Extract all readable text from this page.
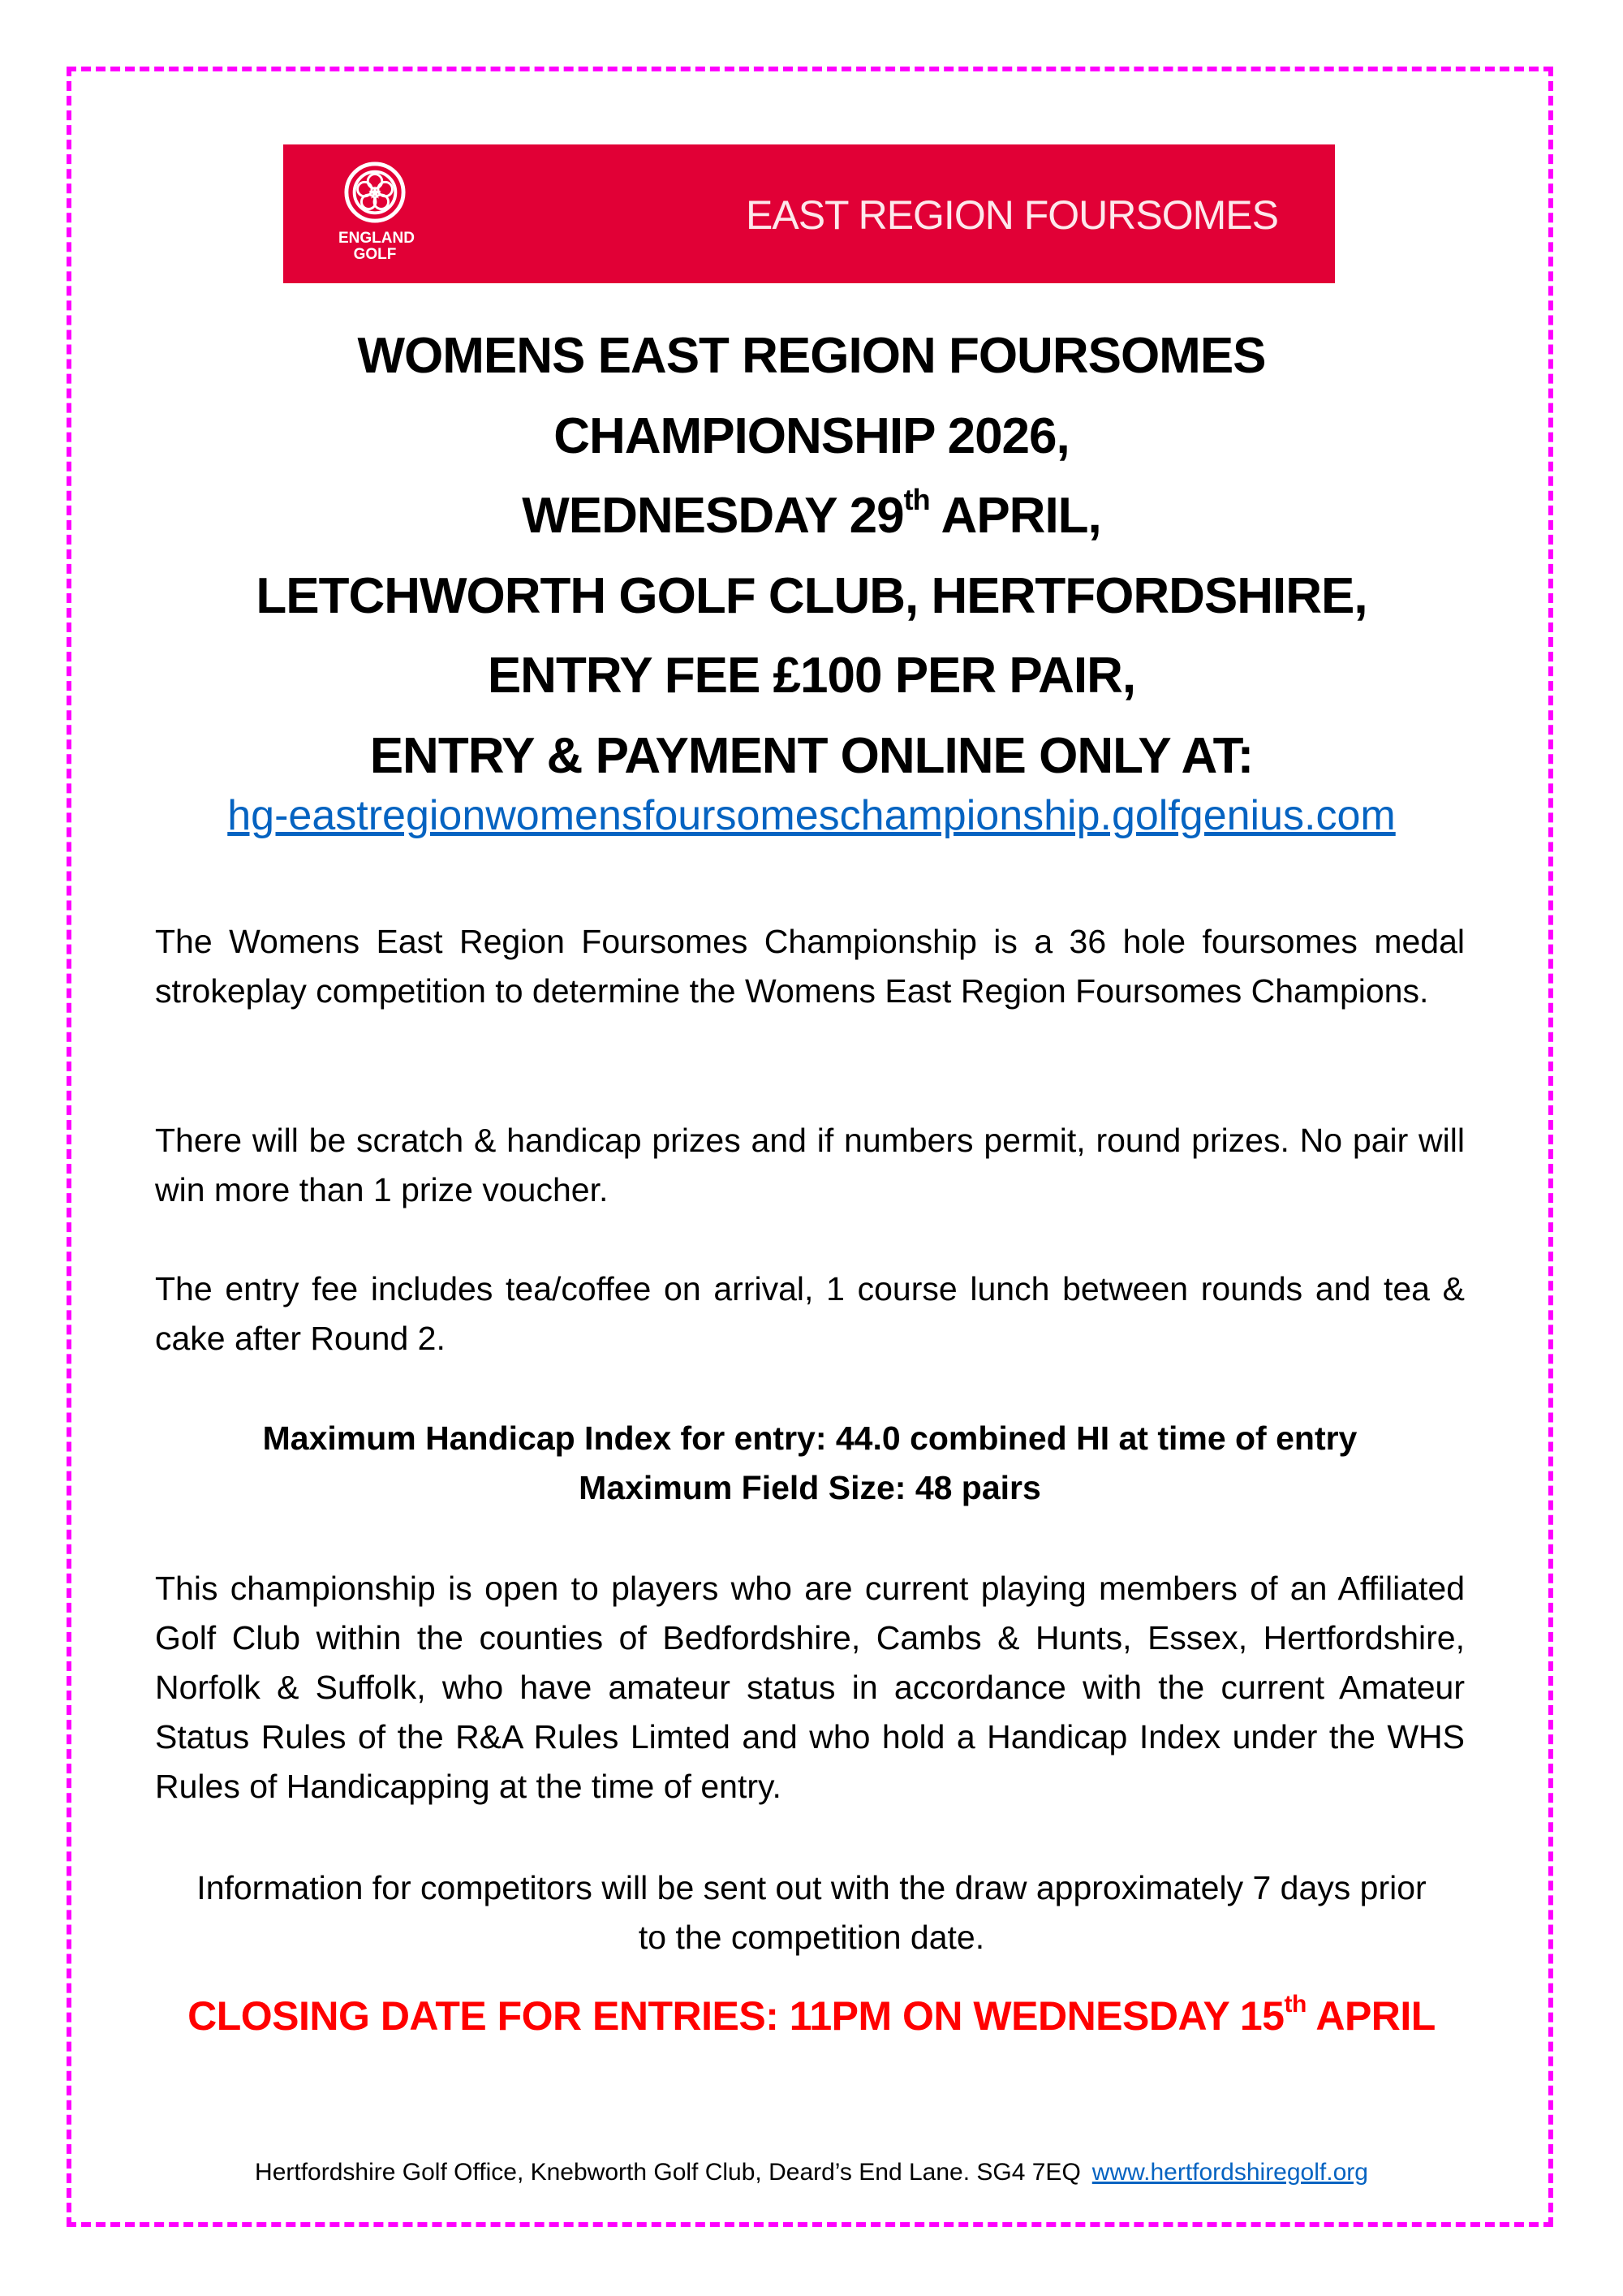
ENGLAND
GOLF
EAST REGION FOURSOMES
WOMENS EAST REGION FOURSOMES
CHAMPIONSHIP 2026,
WEDNESDAY 29th APRIL,
LETCHWORTH GOLF CLUB, HERTFORDSHIRE,
ENTRY FEE £100 PER PAIR,
ENTRY & PAYMENT ONLINE ONLY AT:
hg-eastregionwomensfoursomeschampionship.golfgenius.com
The Womens East Region Foursomes Championship is a 36 hole foursomes medal strokeplay competition to determine the Womens East Region Foursomes Champions.
There will be scratch & handicap prizes and if numbers permit, round prizes. No pair will win more than 1 prize voucher.
The entry fee includes tea/coffee on arrival, 1 course lunch between rounds and tea & cake after Round 2.
Maximum Handicap Index for entry: 44.0 combined HI at time of entry
Maximum Field Size: 48 pairs
This championship is open to players who are current playing members of an Affiliated Golf Club within the counties of Bedfordshire, Cambs & Hunts, Essex, Hertfordshire, Norfolk & Suffolk, who have amateur status in accordance with the current Amateur Status Rules of the R&A Rules Limted and who hold a Handicap Index under the WHS Rules of Handicapping at the time of entry.
Information for competitors will be sent out with the draw approximately 7 days prior to the competition date.
CLOSING DATE FOR ENTRIES: 11PM ON WEDNESDAY 15th APRIL
Hertfordshire Golf Office, Knebworth Golf Club, Deard’s End Lane. SG4 7EQ www.hertfordshiregolf.org
